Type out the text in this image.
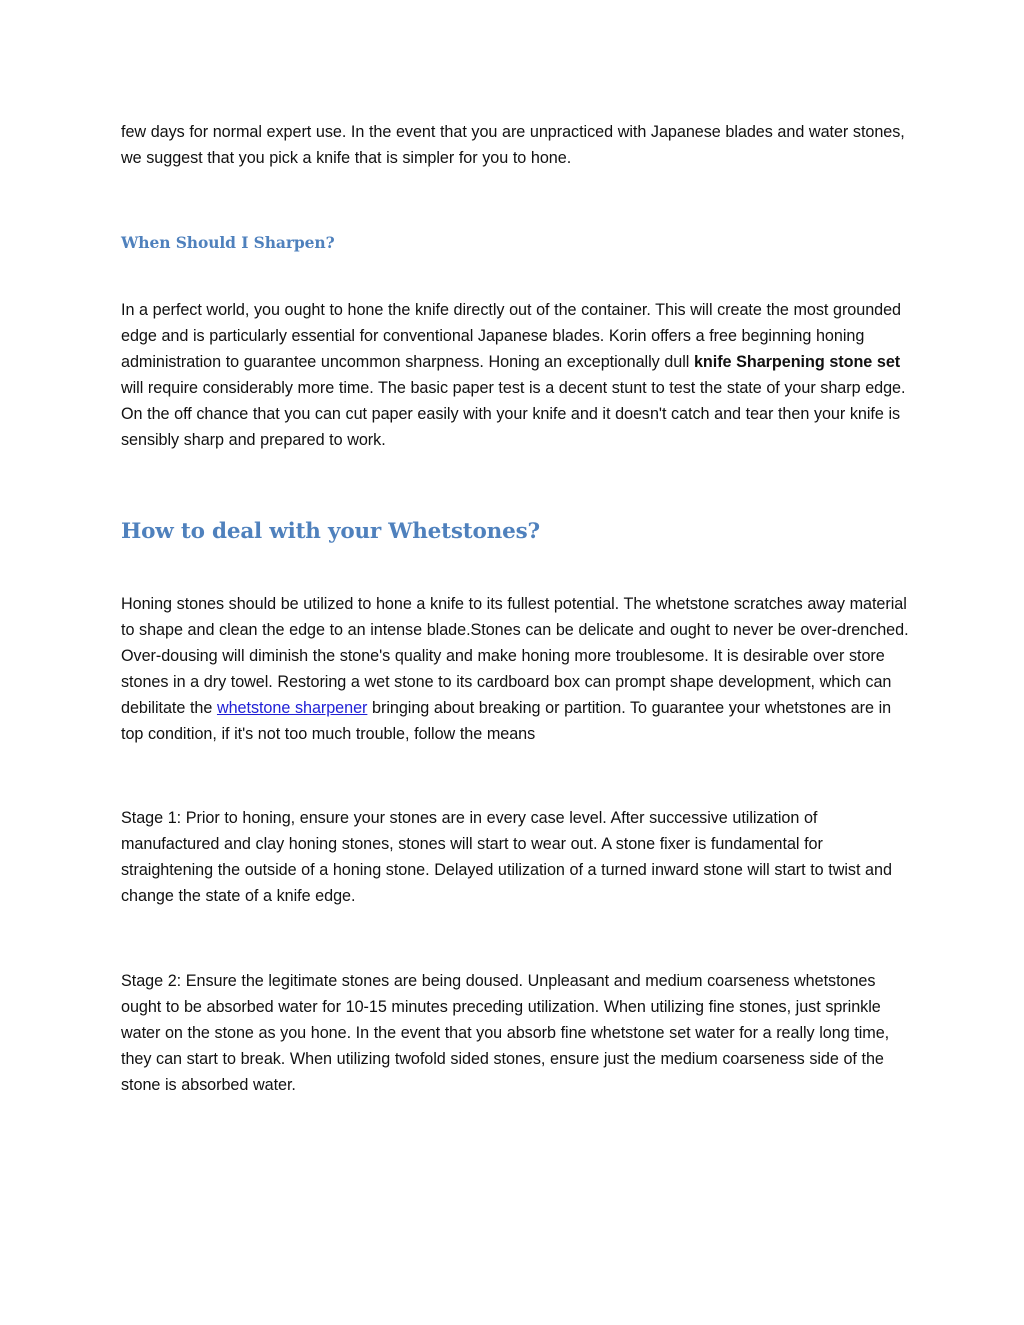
few days for normal expert use. In the event that you are unpracticed with Japanese blades and water stones, we suggest that you pick a knife that is simpler for you to hone.

When Should I Sharpen?

In a perfect world, you ought to hone the knife directly out of the container. This will create the most grounded edge and is particularly essential for conventional Japanese blades. Korin offers a free beginning honing administration to guarantee uncommon sharpness. Honing an exceptionally dull knife Sharpening stone set will require considerably more time. The basic paper test is a decent stunt to test the state of your sharp edge. On the off chance that you can cut paper easily with your knife and it doesn't catch and tear then your knife is sensibly sharp and prepared to work.

How to deal with your Whetstones?

Honing stones should be utilized to hone a knife to its fullest potential. The whetstone scratches away material to shape and clean the edge to an intense blade.Stones can be delicate and ought to never be over-drenched. Over-dousing will diminish the stone's quality and make honing more troublesome. It is desirable over store stones in a dry towel. Restoring a wet stone to its cardboard box can prompt shape development, which can debilitate the whetstone sharpener bringing about breaking or partition. To guarantee your whetstones are in top condition, if it's not too much trouble, follow the means

Stage 1: Prior to honing, ensure your stones are in every case level. After successive utilization of manufactured and clay honing stones, stones will start to wear out. A stone fixer is fundamental for straightening the outside of a honing stone. Delayed utilization of a turned inward stone will start to twist and change the state of a knife edge.

Stage 2: Ensure the legitimate stones are being doused. Unpleasant and medium coarseness whetstones ought to be absorbed water for 10-15 minutes preceding utilization. When utilizing fine stones, just sprinkle water on the stone as you hone. In the event that you absorb fine whetstone set water for a really long time, they can start to break. When utilizing twofold sided stones, ensure just the medium coarseness side of the stone is absorbed water.
